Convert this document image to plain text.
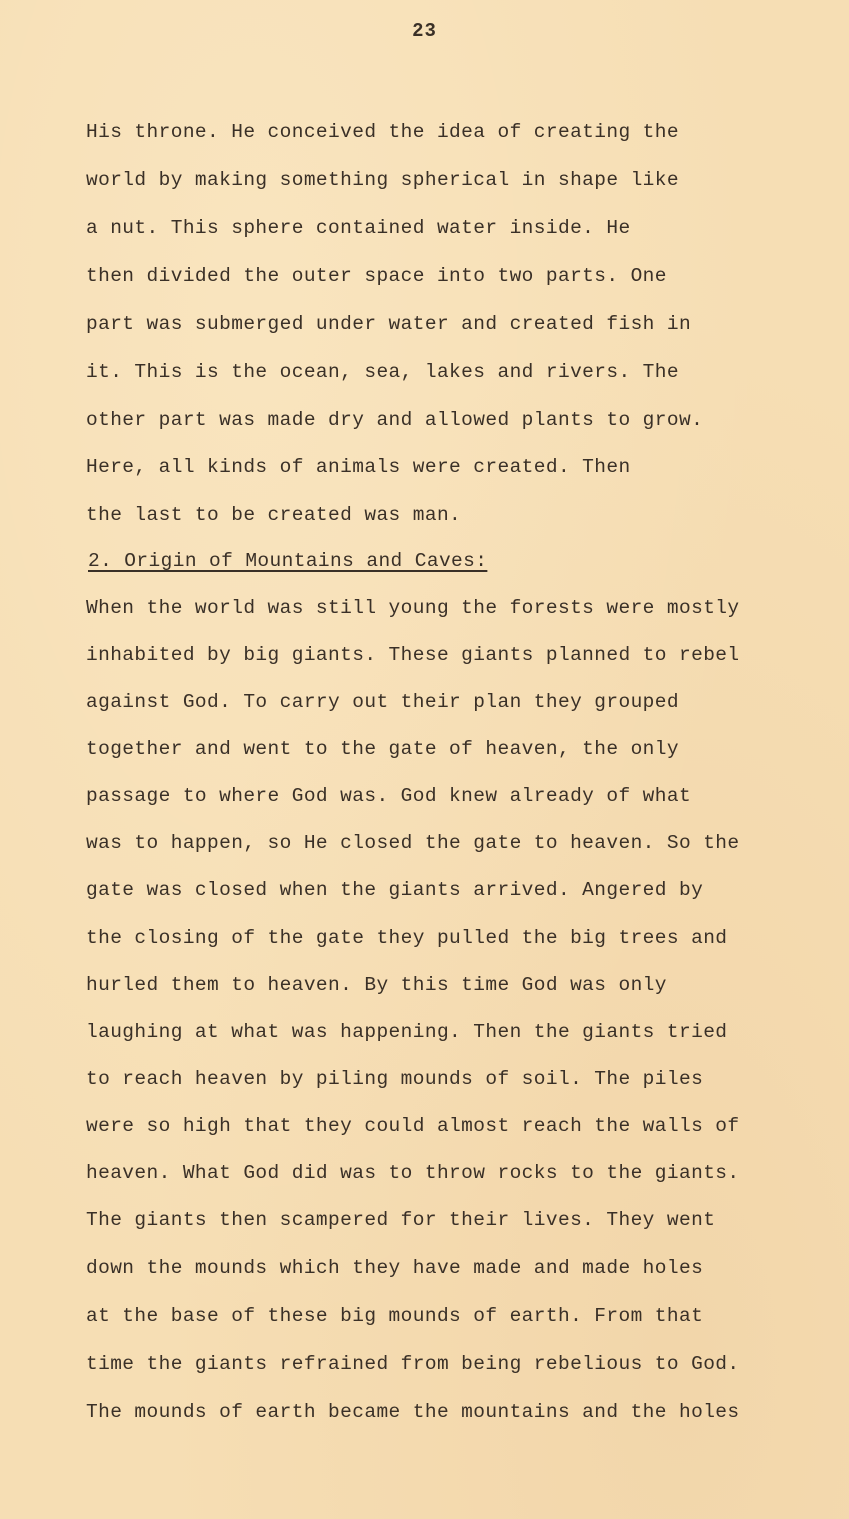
23
His throne. He conceived the idea of creating the
world by making something spherical in shape like
a nut. This sphere contained water inside. He
then divided the outer space into two parts. One
part was submerged under water and created fish in
it. This is the ocean, sea, lakes and rivers. The
other part was made dry and allowed plants to grow.
Here, all kinds of animals were created. Then
the last to be created was man.
2. Origin of Mountains and Caves:
When the world was still young the forests were mostly
inhabited by big giants. These giants planned to rebel
against God. To carry out their plan they grouped
together and went to the gate of heaven, the only
passage to where God was. God knew already of what
was to happen, so He closed the gate to heaven. So the
gate was closed when the giants arrived. Angered by
the closing of the gate they pulled the big trees and
hurled them to heaven. By this time God was only
laughing at what was happening. Then the giants tried
to reach heaven by piling mounds of soil. The piles
were so high that they could almost reach the walls of
heaven. What God did was to throw rocks to the giants.
The giants then scampered for their lives. They went
down the mounds which they have made and made holes
at the base of these big mounds of earth. From that
time the giants refrained from being rebelious to God.
The mounds of earth became the mountains and the holes
